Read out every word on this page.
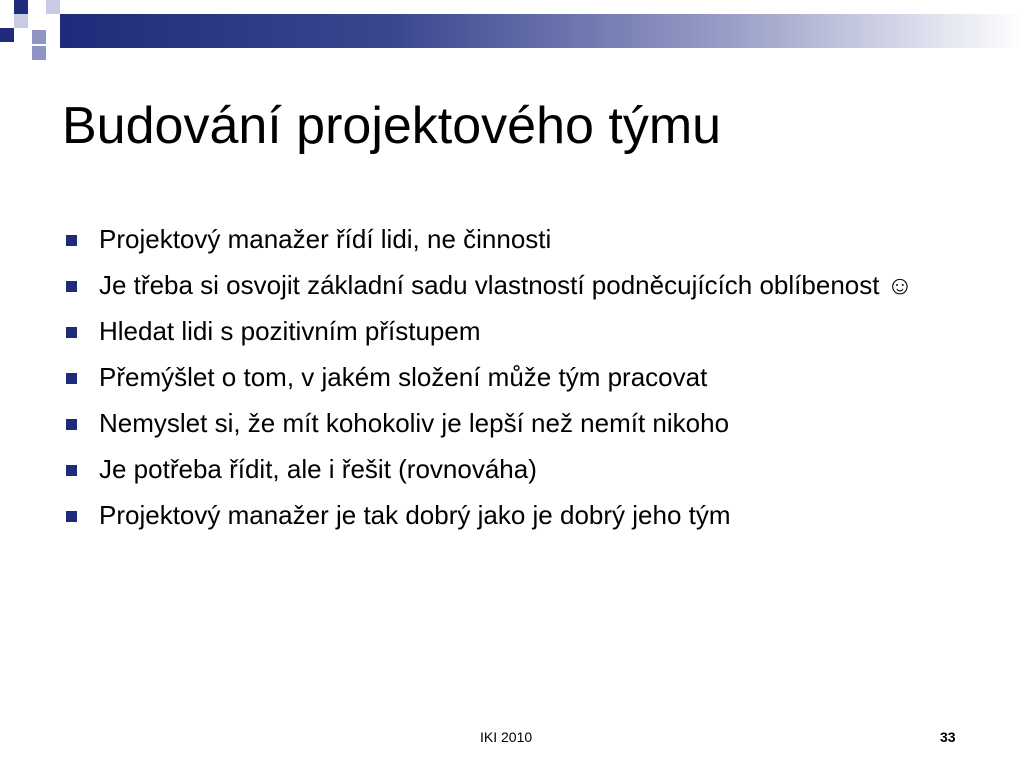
Budování projektového týmu
Projektový manažer řídí lidi, ne činnosti
Je třeba si osvojit základní sadu vlastností podněcujících oblíbenost ☺
Hledat lidi s pozitivním přístupem
Přemýšlet o tom, v jakém složení může tým pracovat
Nemyslet si, že mít kohokoliv je lepší než nemít nikoho
Je potřeba řídit, ale i řešit (rovnováha)
Projektový manažer je tak dobrý jako je dobrý jeho tým
IKI 2010	33
